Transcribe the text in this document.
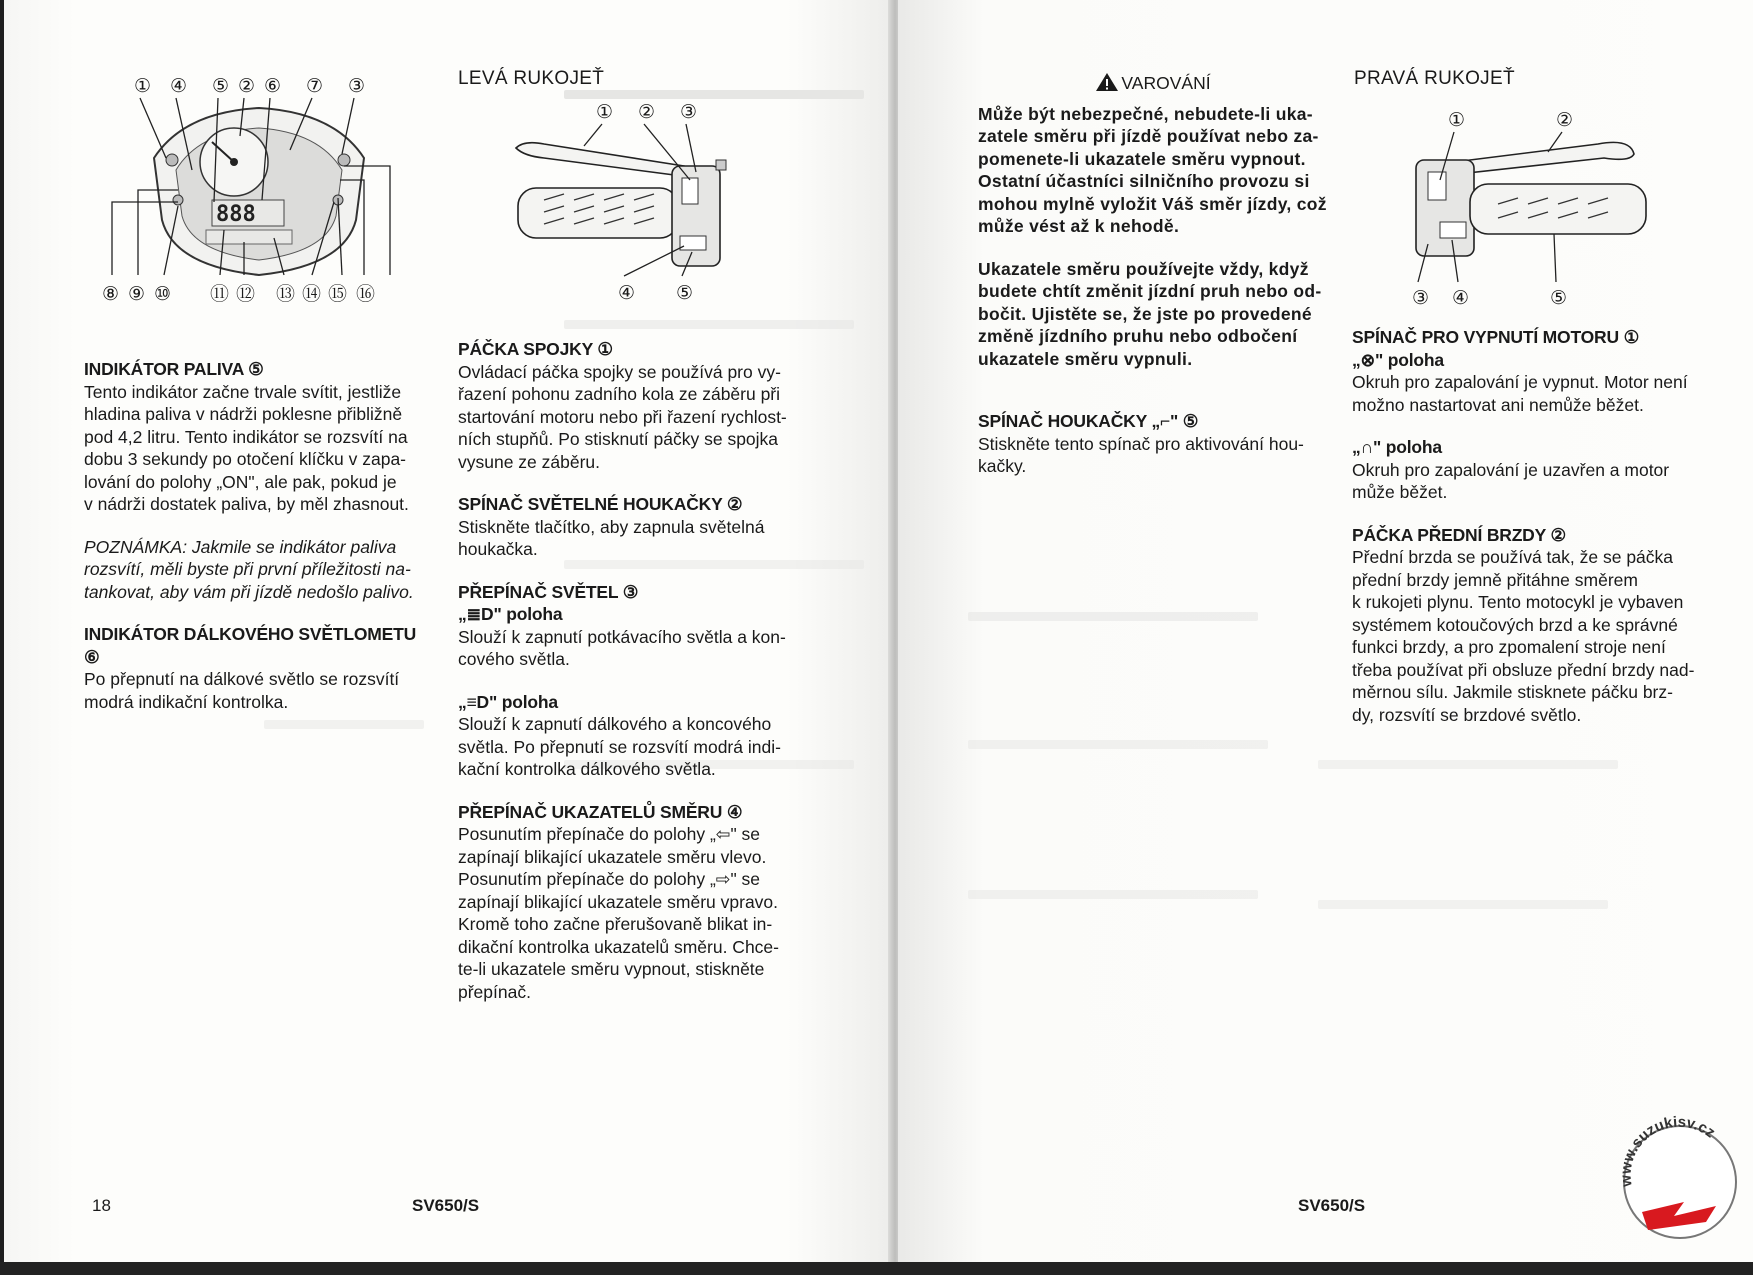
① ④ ⑤ ② ⑥ ⑦ ③
888
⑧ ⑨ ⑩ ⑪ ⑫ ⑬ ⑭ ⑮ ⑯

INDIKÁTOR PALIVA ⑤

Tento indikátor začne trvale svítit, jestliže

hladina paliva v nádrži poklesne přibližně

pod 4,2 litru. Tento indikátor se rozsvítí na

dobu 3 sekundy po otočení klíčku v zapa-

lování do polohy „ON", ale pak, pokud je

v nádrži dostatek paliva, by měl zhasnout.

POZNÁMKA: Jakmile se indikátor paliva

rozsvítí, měli byste při první příležitosti na-

tankovat, aby vám při jízdě nedošlo palivo.

INDIKÁTOR DÁLKOVÉHO SVĚTLOMETU ⑥

Po přepnutí na dálkové světlo se rozsvítí

modrá indikační kontrolka.

LEVÁ RUKOJEŤ
① ② ③
④ ⑤

PÁČKA SPOJKY ①

Ovládací páčka spojky se používá pro vy-

řazení pohonu zadního kola ze záběru při

startování motoru nebo při řazení rychlost-

ních stupňů. Po stisknutí páčky se spojka

vysune ze záběru.

SPÍNAČ SVĚTELNÉ HOUKAČKY ②

Stiskněte tlačítko, aby zapnula světelná

houkačka.

PŘEPÍNAČ SVĚTEL ③

„≣D" poloha

Slouží k zapnutí potkávacího světla a kon-

cového světla.

„≡D" poloha

Slouží k zapnutí dálkového a koncového

světla. Po přepnutí se rozsvítí modrá indi-

kační kontrolka dálkového světla.

PŘEPÍNAČ UKAZATELŮ SMĚRU ④

Posunutím přepínače do polohy „⇦" se

zapínají blikající ukazatele směru vlevo.

Posunutím přepínače do polohy „⇨" se

zapínají blikající ukazatele směru vpravo.

Kromě toho začne přerušovaně blikat in-

dikační kontrolka ukazatelů směru. Chce-

te-li ukazatele směru vypnout, stiskněte

přepínač.

18	SV650/S

VAROVÁNÍ

Může být nebezpečné, nebudete-li uka-

zatele směru při jízdě používat nebo za-

pomenete-li ukazatele směru vypnout.

Ostatní účastníci silničního provozu si

mohou mylně vyložit Váš směr jízdy, což

může vést až k nehodě.

Ukazatele směru používejte vždy, když

budete chtít změnit jízdní pruh nebo od-

bočit. Ujistěte se, že jste po provedené

změně jízdního pruhu nebo odbočení

ukazatele směru vypnuli.

SPÍNAČ HOUKAČKY „⌐" ⑤

Stiskněte tento spínač pro aktivování hou-

kačky.

PRAVÁ RUKOJEŤ
①	②
③ ④	⑤

SPÍNAČ PRO VYPNUTÍ MOTORU ①

„⊗" poloha

Okruh pro zapalování je vypnut. Motor není

možno nastartovat ani nemůže běžet.

„∩" poloha

Okruh pro zapalování je uzavřen a motor

může běžet.

PÁČKA PŘEDNÍ BRZDY ②

Přední brzda se používá tak, že se páčka

přední brzdy jemně přitáhne směrem

k rukojeti plynu. Tento motocykl je vybaven

systémem kotoučových brzd a ke správné

funkci brzdy, a pro zpomalení stroje není

třeba používat při obsluze přední brzdy nad-

měrnou sílu. Jakmile stisknete páčku brz-

dy, rozsvítí se brzdové světlo.

SV650/S
www.suzukisv.cz
